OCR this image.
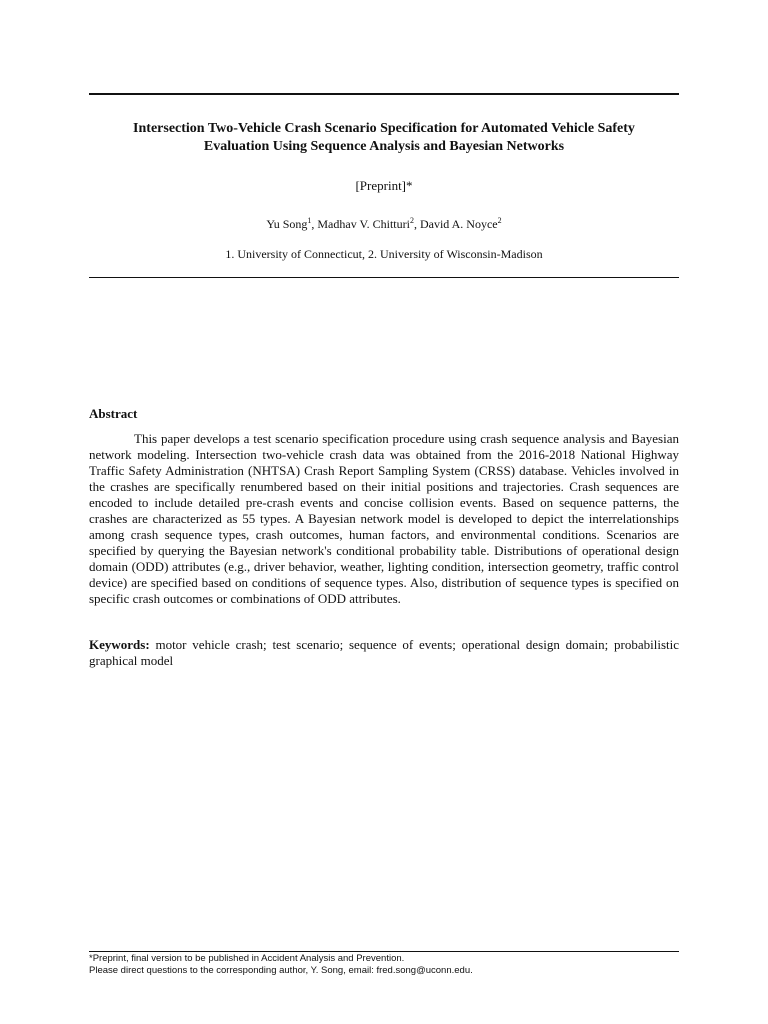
Intersection Two-Vehicle Crash Scenario Specification for Automated Vehicle Safety
Evaluation Using Sequence Analysis and Bayesian Networks
[Preprint]*
Yu Song$^1$, Madhav V. Chitturi$^2$, David A. Noyce$^2$
1. University of Connecticut, 2. University of Wisconsin-Madison
Abstract

This paper develops a test scenario specification procedure using crash sequence analysis and Bayesian network modeling. Intersection two-vehicle crash data was obtained from the 2016-2018 National Highway Traffic Safety Administration (NHTSA) Crash Report Sampling System (CRSS) database. Vehicles involved in the crashes are specifically renumbered based on their initial positions and trajectories. Crash sequences are encoded to include detailed pre-crash events and concise collision events. Based on sequence patterns, the crashes are characterized as 55 types. A Bayesian network model is developed to depict the interrelationships among crash sequence types, crash outcomes, human factors, and environmental conditions. Scenarios are specified by querying the Bayesian network's conditional probability table. Distributions of operational design domain (ODD) attributes (e.g., driver behavior, weather, lighting condition, intersection geometry, traffic control device) are specified based on conditions of sequence types. Also, distribution of sequence types is specified on specific crash outcomes or combinations of ODD attributes.

Keywords: motor vehicle crash; test scenario; sequence of events; operational design domain; probabilistic graphical model

*Preprint, final version to be published in Accident Analysis and Prevention.
Please direct questions to the corresponding author, Y. Song, email: fred.song@uconn.edu.
